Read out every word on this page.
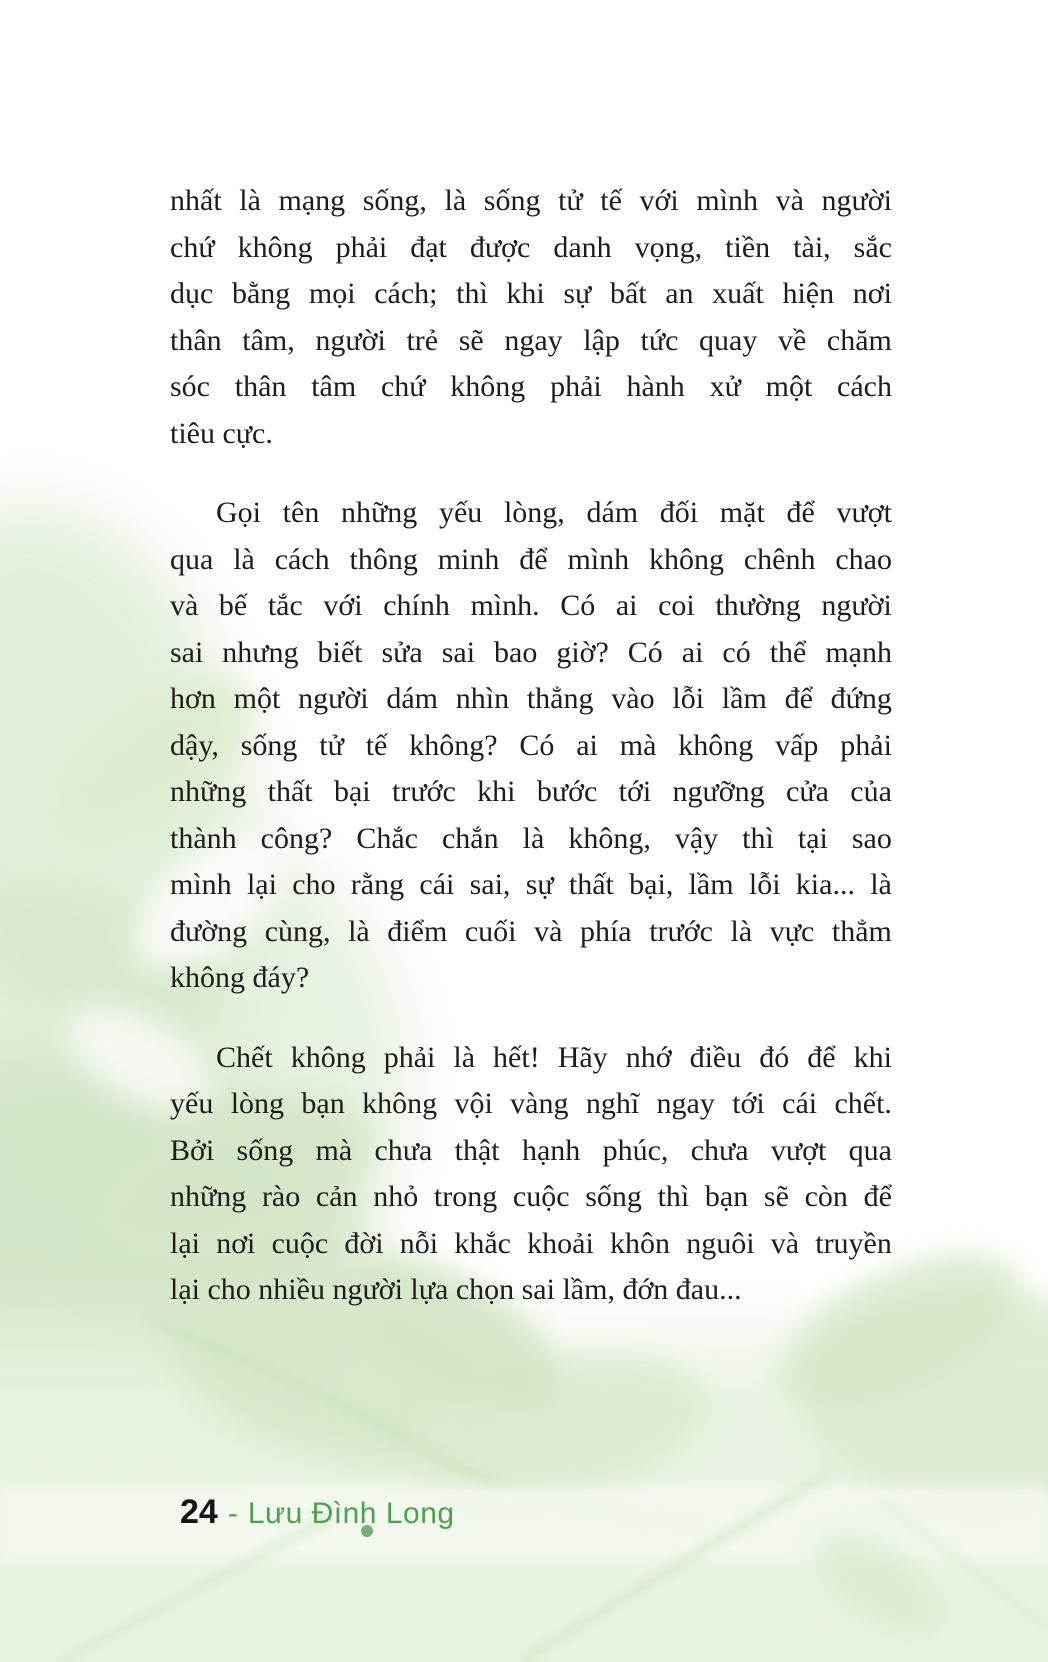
nhất là mạng sống, là sống tử tế với mình và người
chứ không phải đạt được danh vọng, tiền tài, sắc
dục bằng mọi cách; thì khi sự bất an xuất hiện nơi
thân tâm, người trẻ sẽ ngay lập tức quay về chăm
sóc thân tâm chứ không phải hành xử một cách
tiêu cực.
Gọi tên những yếu lòng, dám đối mặt để vượt
qua là cách thông minh để mình không chênh chao
và bế tắc với chính mình. Có ai coi thường người
sai nhưng biết sửa sai bao giờ? Có ai có thể mạnh
hơn một người dám nhìn thẳng vào lỗi lầm để đứng
dậy, sống tử tế không? Có ai mà không vấp phải
những thất bại trước khi bước tới ngưỡng cửa của
thành công? Chắc chắn là không, vậy thì tại sao
mình lại cho rằng cái sai, sự thất bại, lầm lỗi kia... là
đường cùng, là điểm cuối và phía trước là vực thẳm
không đáy?
Chết không phải là hết! Hãy nhớ điều đó để khi
yếu lòng bạn không vội vàng nghĩ ngay tới cái chết.
Bởi sống mà chưa thật hạnh phúc, chưa vượt qua
những rào cản nhỏ trong cuộc sống thì bạn sẽ còn để
lại nơi cuộc đời nỗi khắc khoải khôn nguôi và truyền
lại cho nhiều người lựa chọn sai lầm, đớn đau...
24 - Lưu Đình Long
